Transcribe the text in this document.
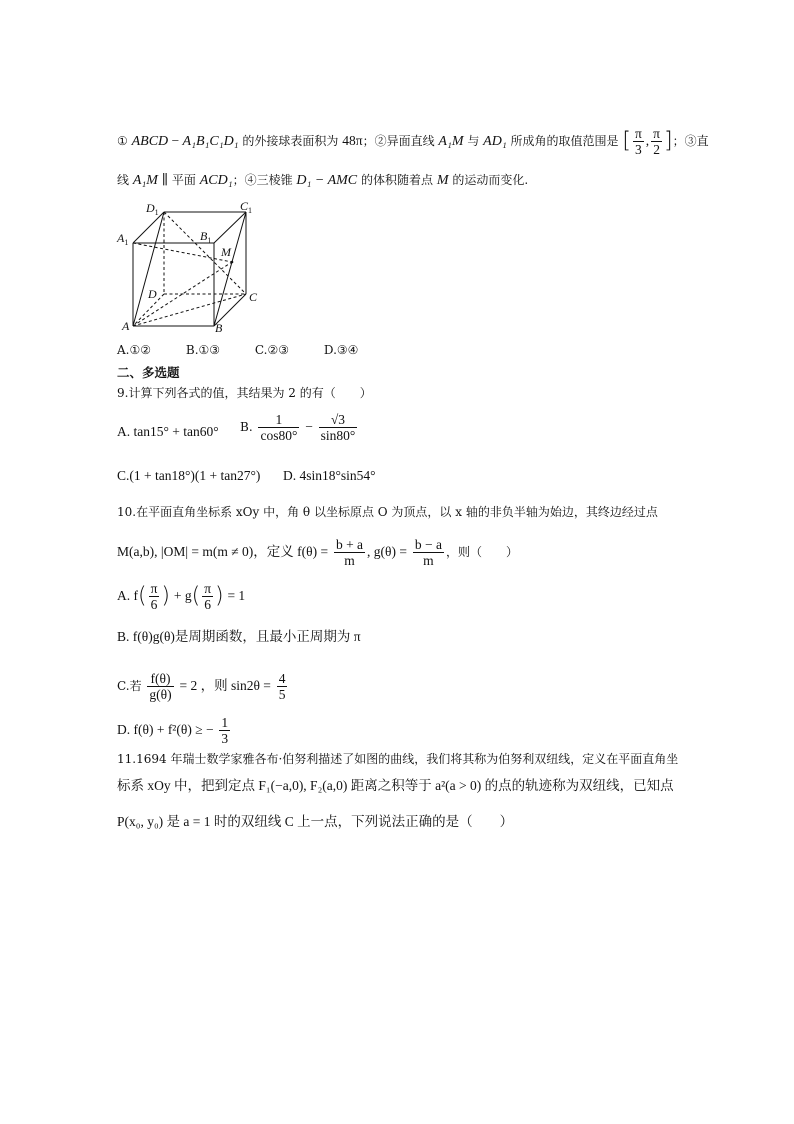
① ABCD − A₁B₁C₁D₁ 的外接球表面积为 48π；②异面直线 A₁M 与 AD₁ 所成角的取值范围是 [ $\frac{\pi}{3}$ , $\frac{\pi}{2}$ ]；③直
线 A₁M ∥ 平面 ACD₁；④三棱锥 D₁ − AMC 的体积随着点 M 的运动而变化.
$D_1$	$C_1$
$A_1$	$B_1$
M
D	C
A	B
A.①②      B.①③      C.②③      D.③④
二、多选题
9.计算下列各式的值，其结果为 2 的有（　　）
A. tan15° + tan60° B. $\frac{1}{\cos 80^\circ} - \frac{√3}{\sin 80^\circ}$
C.(1 + tan18°)(1 + tan27°) D. 4sin18°sin54°
10.在平面直角坐标系 xOy 中，角 θ 以坐标原点 O 为顶点，以 x 轴的非负半轴为始边，其终边经过点
M(a,b), |OM| = m(m ≠ 0)，定义 $f(\theta) = \frac{b + a}{m}$ , $g(\theta) = \frac{b - a}{m}$ ，则（　　）
A. $f( \frac{\pi}{6}$ ) + $g( \frac{\pi}{6}$ ) = 1
B. f(θ)g(θ)是周期函数，且最小正周期为 π
C.若 $\frac{f(\theta)}{g(\theta)} = 2$ ，则 $\sin 2\theta = \frac{4}{5}$
D. f(θ) + f²(θ) ≥ − $\frac{1}{3}$
11.1694 年瑞士数学家雅各布·伯努利描述了如图的曲线，我们将其称为伯努利双纽线，定义在平面直角坐
标系 xOy 中，把到定点 F₁(−a,0), F₂(a,0) 距离之积等于 a²(a > 0) 的点的轨迹称为双纽线，已知点
P(x₀, y₀) 是 a = 1 时的双纽线 C 上一点，下列说法正确的是（　　）
